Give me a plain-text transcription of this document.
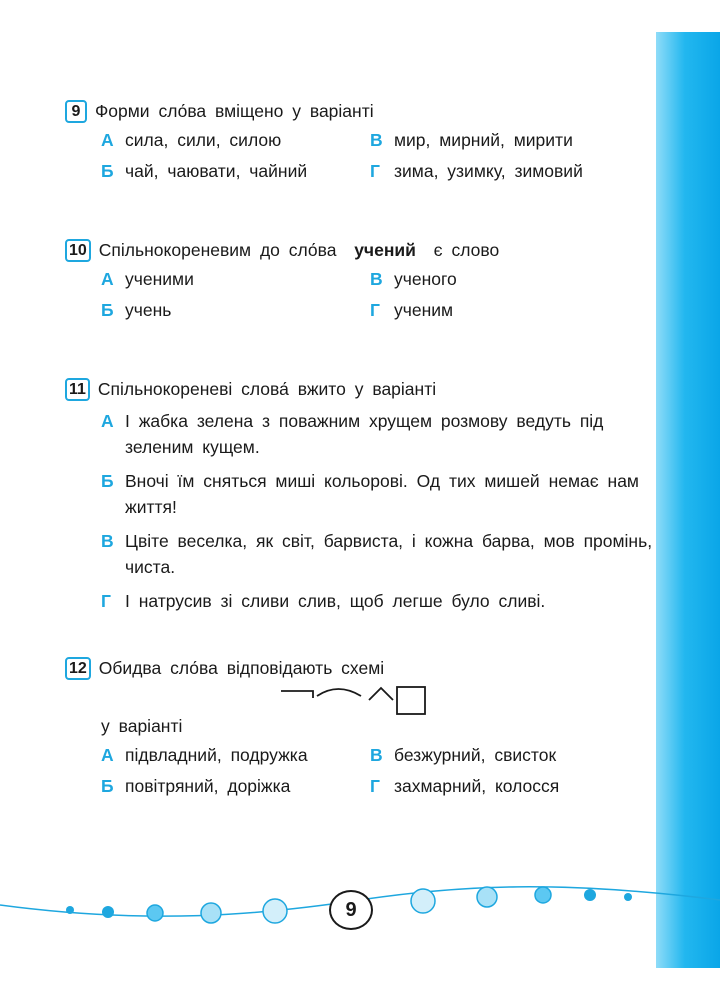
9 Форми сло́ва вміщено у варіанті
А сила, сили, силою
Б чай, чаювати, чайний
В мир, мирний, мирити
Г зима, узимку, зимовий
10 Спільнокореневим до сло́ва
учений
є слово
А ученими
Б учень
В ученого
Г ученим
11 Спільнокореневі слова́ вжито у варіанті
А І жабка зелена з поважним хрущем розмову ведуть під зеленим кущем.
Б Вночі їм сняться миші кольорові. Од тих мишей немає нам життя!
В Цвіте веселка, як світ, барвиста, і кожна барва, мов промінь, чиста.
Г І натрусив зі сливи слив, щоб легше було сливі.
12 Обидва сло́ва відповідають схемі
у варіанті
А підвладний, подружка
Б повітряний, доріжка
В безжурний, свисток
Г захмарний, колосся
9
